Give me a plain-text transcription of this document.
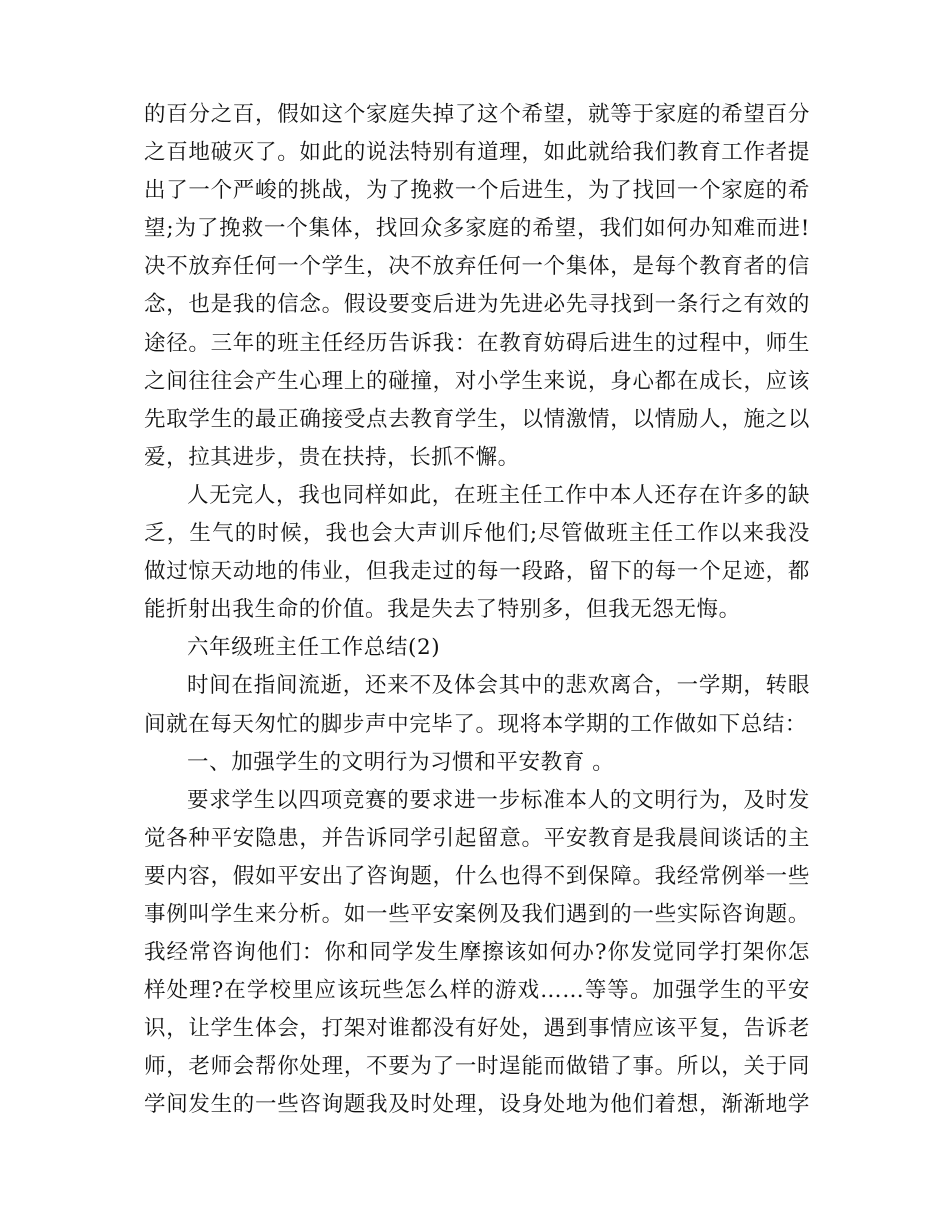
的百分之百，假如这个家庭失掉了这个希望，就等于家庭的希望百分
之百地破灭了。如此的说法特别有道理，如此就给我们教育工作者提
出了一个严峻的挑战，为了挽救一个后进生，为了找回一个家庭的希
望;为了挽救一个集体，找回众多家庭的希望，我们如何办知难而进!
决不放弃任何一个学生，决不放弃任何一个集体，是每个教育者的信
念，也是我的信念。假设要变后进为先进必先寻找到一条行之有效的
途径。三年的班主任经历告诉我：在教育妨碍后进生的过程中，师生
之间往往会产生心理上的碰撞，对小学生来说，身心都在成长，应该
先取学生的最正确接受点去教育学生，以情激情，以情励人，施之以
爱，拉其进步，贵在扶持，长抓不懈。
人无完人，我也同样如此，在班主任工作中本人还存在许多的缺
乏，生气的时候，我也会大声训斥他们;尽管做班主任工作以来我没
做过惊天动地的伟业，但我走过的每一段路，留下的每一个足迹，都
能折射出我生命的价值。我是失去了特别多，但我无怨无悔。
六年级班主任工作总结(2)
时间在指间流逝，还来不及体会其中的悲欢离合，一学期，转眼
间就在每天匆忙的脚步声中完毕了。现将本学期的工作做如下总结：
一、加强学生的文明行为习惯和平安教育 。
要求学生以四项竞赛的要求进一步标准本人的文明行为，及时发
觉各种平安隐患，并告诉同学引起留意。平安教育是我晨间谈话的主
要内容，假如平安出了咨询题，什么也得不到保障。我经常例举一些
事例叫学生来分析。如一些平安案例及我们遇到的一些实际咨询题。
我经常咨询他们：你和同学发生摩擦该如何办?你发觉同学打架你怎
样处理?在学校里应该玩些怎么样的游戏……等等。加强学生的平安
识，让学生体会，打架对谁都没有好处，遇到事情应该平复，告诉老
师，老师会帮你处理，不要为了一时逞能而做错了事。所以，关于同
学间发生的一些咨询题我及时处理，设身处地为他们着想，渐渐地学
